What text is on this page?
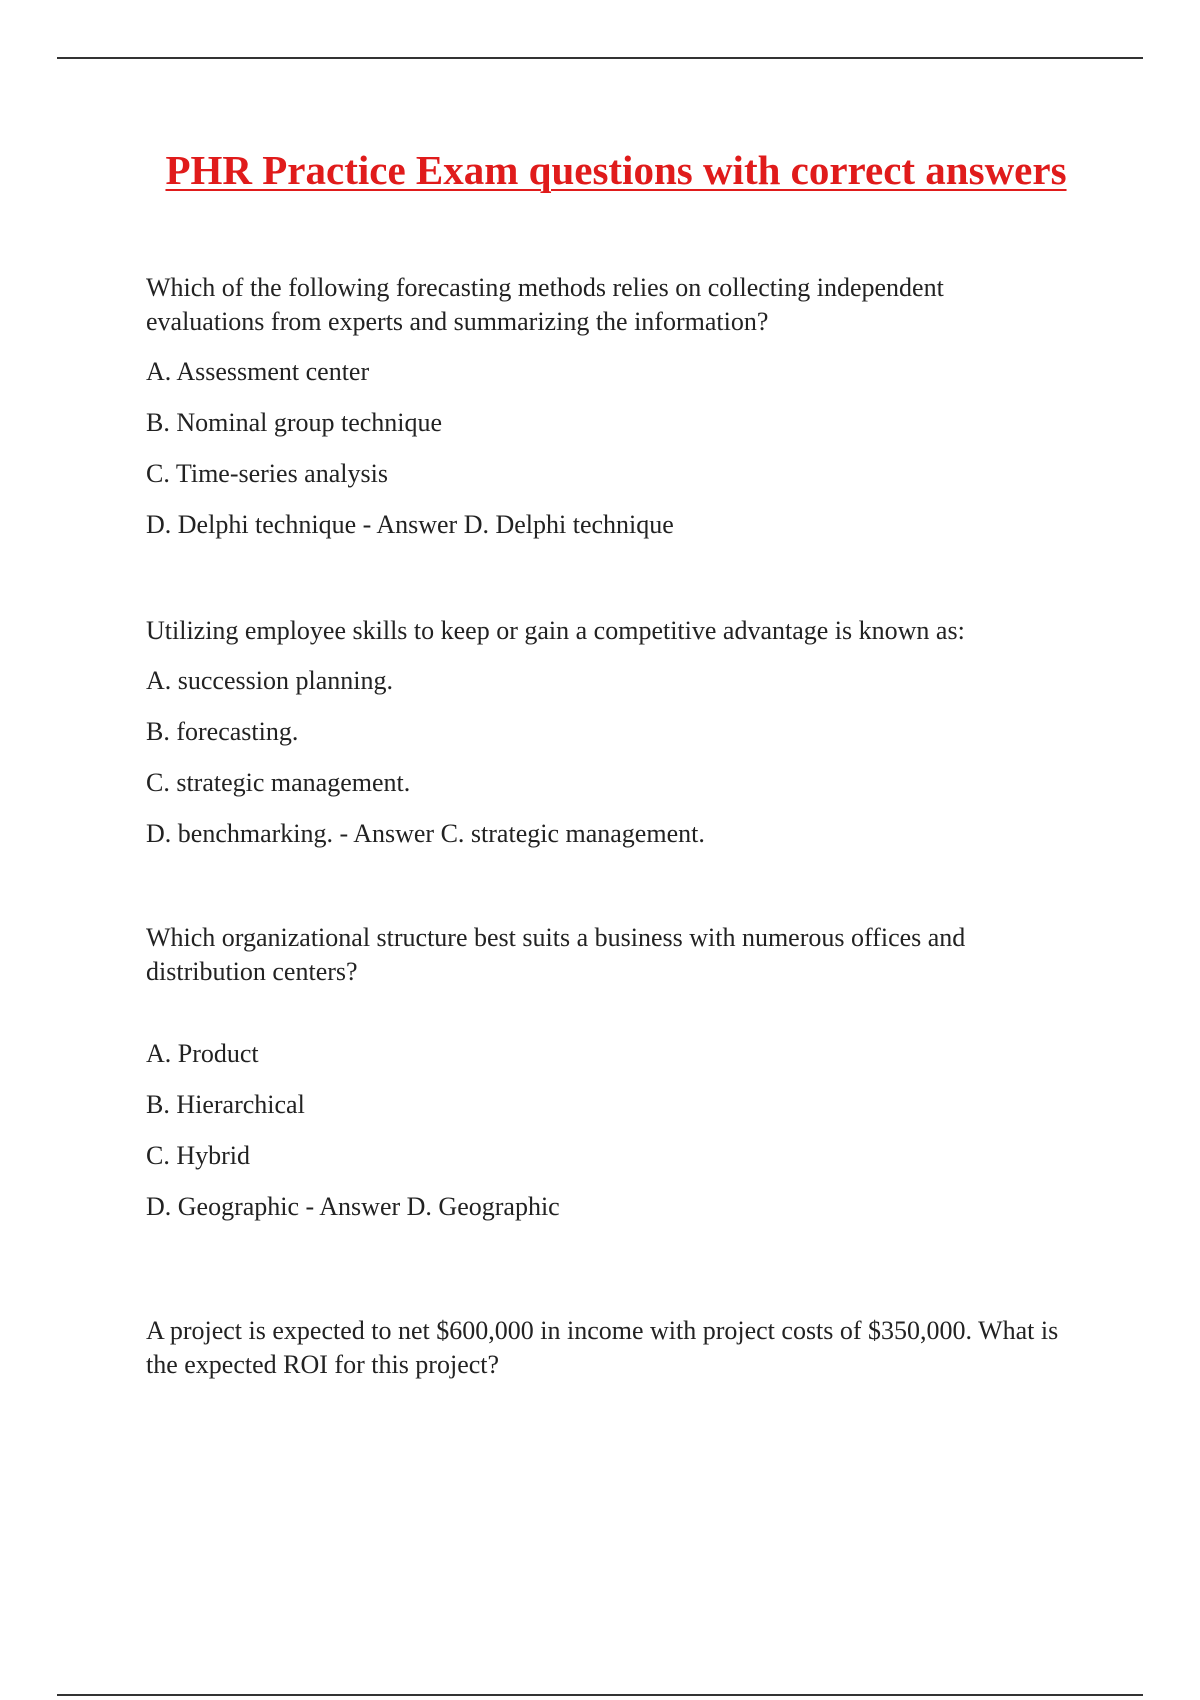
PHR Practice Exam questions with correct answers

Which of the following forecasting methods relies on collecting independent evaluations from experts and summarizing the information?

A. Assessment center

B. Nominal group technique

C. Time-series analysis

D. Delphi technique - Answer D. Delphi technique

Utilizing employee skills to keep or gain a competitive advantage is known as:

A. succession planning.

B. forecasting.

C. strategic management.

D. benchmarking. - Answer C. strategic management.

Which organizational structure best suits a business with numerous offices and distribution centers?

A. Product

B. Hierarchical

C. Hybrid

D. Geographic - Answer D. Geographic

A project is expected to net $600,000 in income with project costs of $350,000. What is the expected ROI for this project?
